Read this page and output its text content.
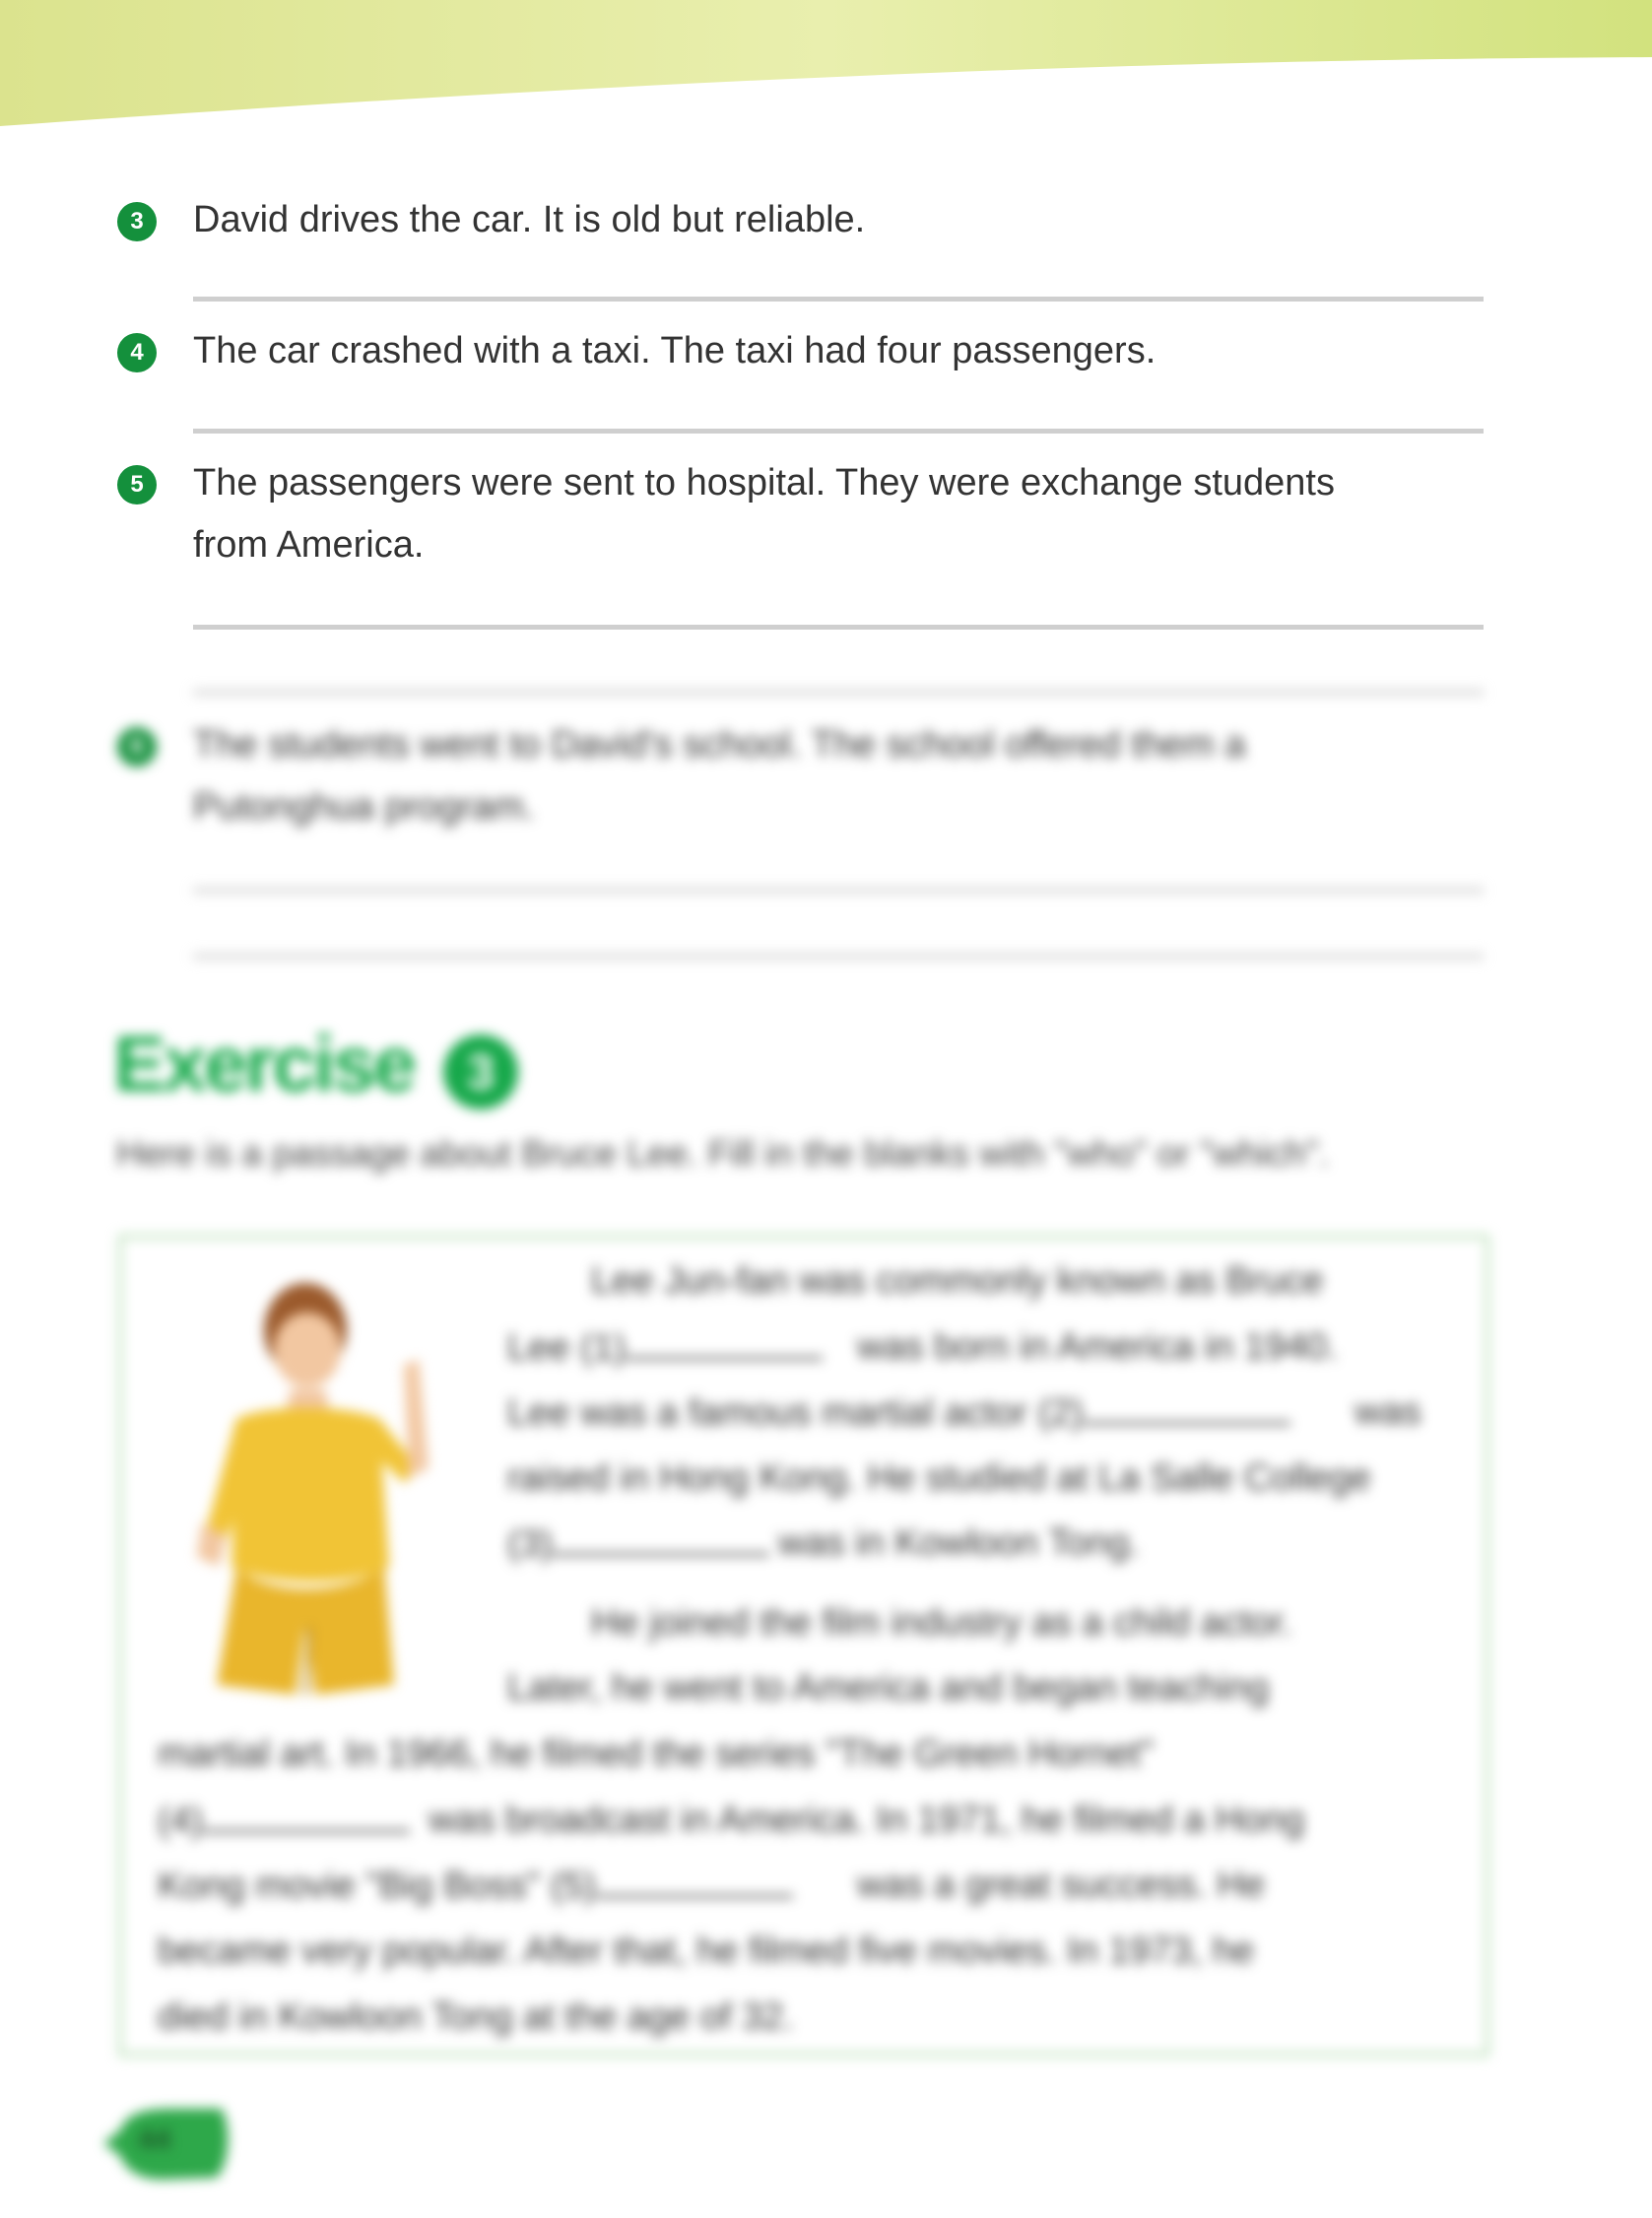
3	David drives the car. It is old but reliable.
4	The car crashed with a taxi. The taxi had four passengers.
5	The passengers were sent to hospital. They were exchange students
from America.
6	The students went to David's school. The school offered them a
Putonghua program.
Exercise	3
Here is a passage about Bruce Lee. Fill in the blanks with "who" or "which".
Lee Jun-fan was commonly known as Bruce
Lee (1)	was born in America in 1940.
Lee was a famous martial actor (2)	was
raised in Hong Kong. He studied at La Salle College
(3)	was in Kowloon Tong.
He joined the film industry as a child actor.
Later, he went to America and began teaching
martial art. In 1966, he filmed the series "The Green Hornet"
(4)	was broadcast in America. In 1971, he filmed a Hong
Kong movie "Big Boss" (5)	was a great success. He
became very popular. After that, he filmed five movies. In 1973, he
died in Kowloon Tong at the age of 32.
44
